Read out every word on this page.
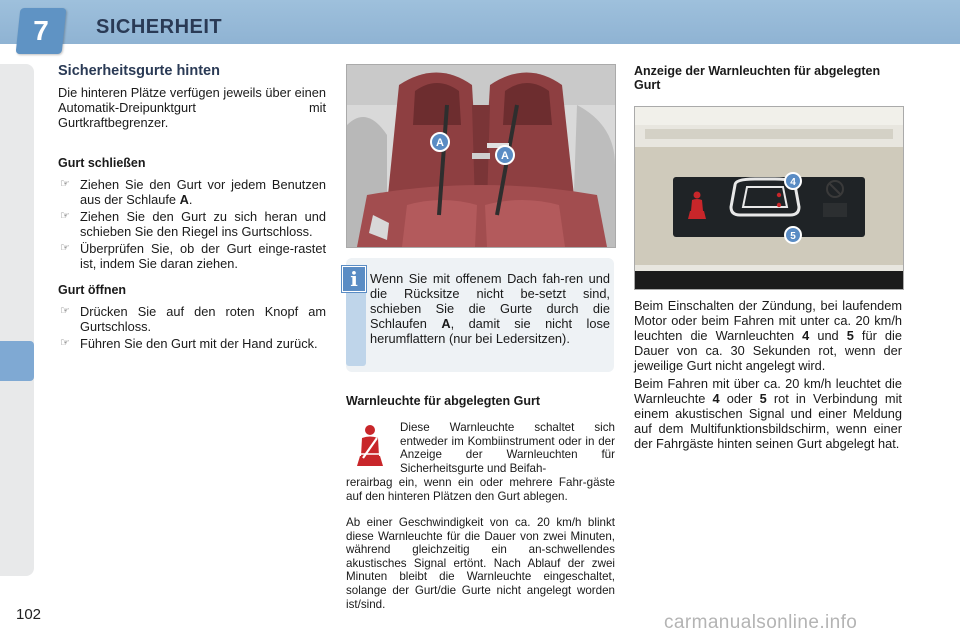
7	SICHERHEIT
Sicherheitsgurte hinten

Die hinteren Plätze verfügen jeweils über einen Automatik-Dreipunktgurt mit Gurtkraftbegrenzer.

Gurt schließen
☞ Ziehen Sie den Gurt vor jedem Benutzen aus der Schlaufe A.
☞ Ziehen Sie den Gurt zu sich heran und schieben Sie den Riegel ins Gurtschloss.
☞ Überprüfen Sie, ob der Gurt einge-rastet ist, indem Sie daran ziehen.
Gurt öffnen
☞ Drücken Sie auf den roten Knopf am Gurtschloss.
☞ Führen Sie den Gurt mit der Hand zurück.
A
A
i Wenn Sie mit offenem Dach fah-ren und die Rücksitze nicht be-setzt sind, schieben Sie die Gurte durch die Schlaufen A, damit sie nicht lose herumflattern (nur bei Ledersitzen).
Warnleuchte für abgelegten Gurt
Diese Warnleuchte schaltet sich entweder im Kombiinstrument oder in der Anzeige der Warnleuchten für Sicherheitsgurte und Beifah-
rerairbag ein, wenn ein oder mehrere Fahr-gäste auf den hinteren Plätzen den Gurt ablegen.
Ab einer Geschwindigkeit von ca. 20 km/h blinkt diese Warnleuchte für die Dauer von zwei Minuten, während gleichzeitig ein an-schwellendes akustisches Signal ertönt. Nach Ablauf der zwei Minuten bleibt die Warnleuchte eingeschaltet, solange der Gurt/die Gurte nicht angelegt worden ist/sind.
Anzeige der Warnleuchten für abgelegten Gurt
4
5
Beim Einschalten der Zündung, bei laufendem Motor oder beim Fahren mit unter ca. 20 km/h leuchten die Warnleuchten 4 und 5 für die Dauer von ca. 30 Sekunden rot, wenn der jeweilige Gurt nicht angelegt wird.
Beim Fahren mit über ca. 20 km/h leuchtet die Warnleuchte 4 oder 5 rot in Verbindung mit einem akustischen Signal und einer Meldung auf dem Multifunktionsbildschirm, wenn einer der Fahrgäste hinten seinen Gurt abgelegt hat.
102	carmanualsonline.info
